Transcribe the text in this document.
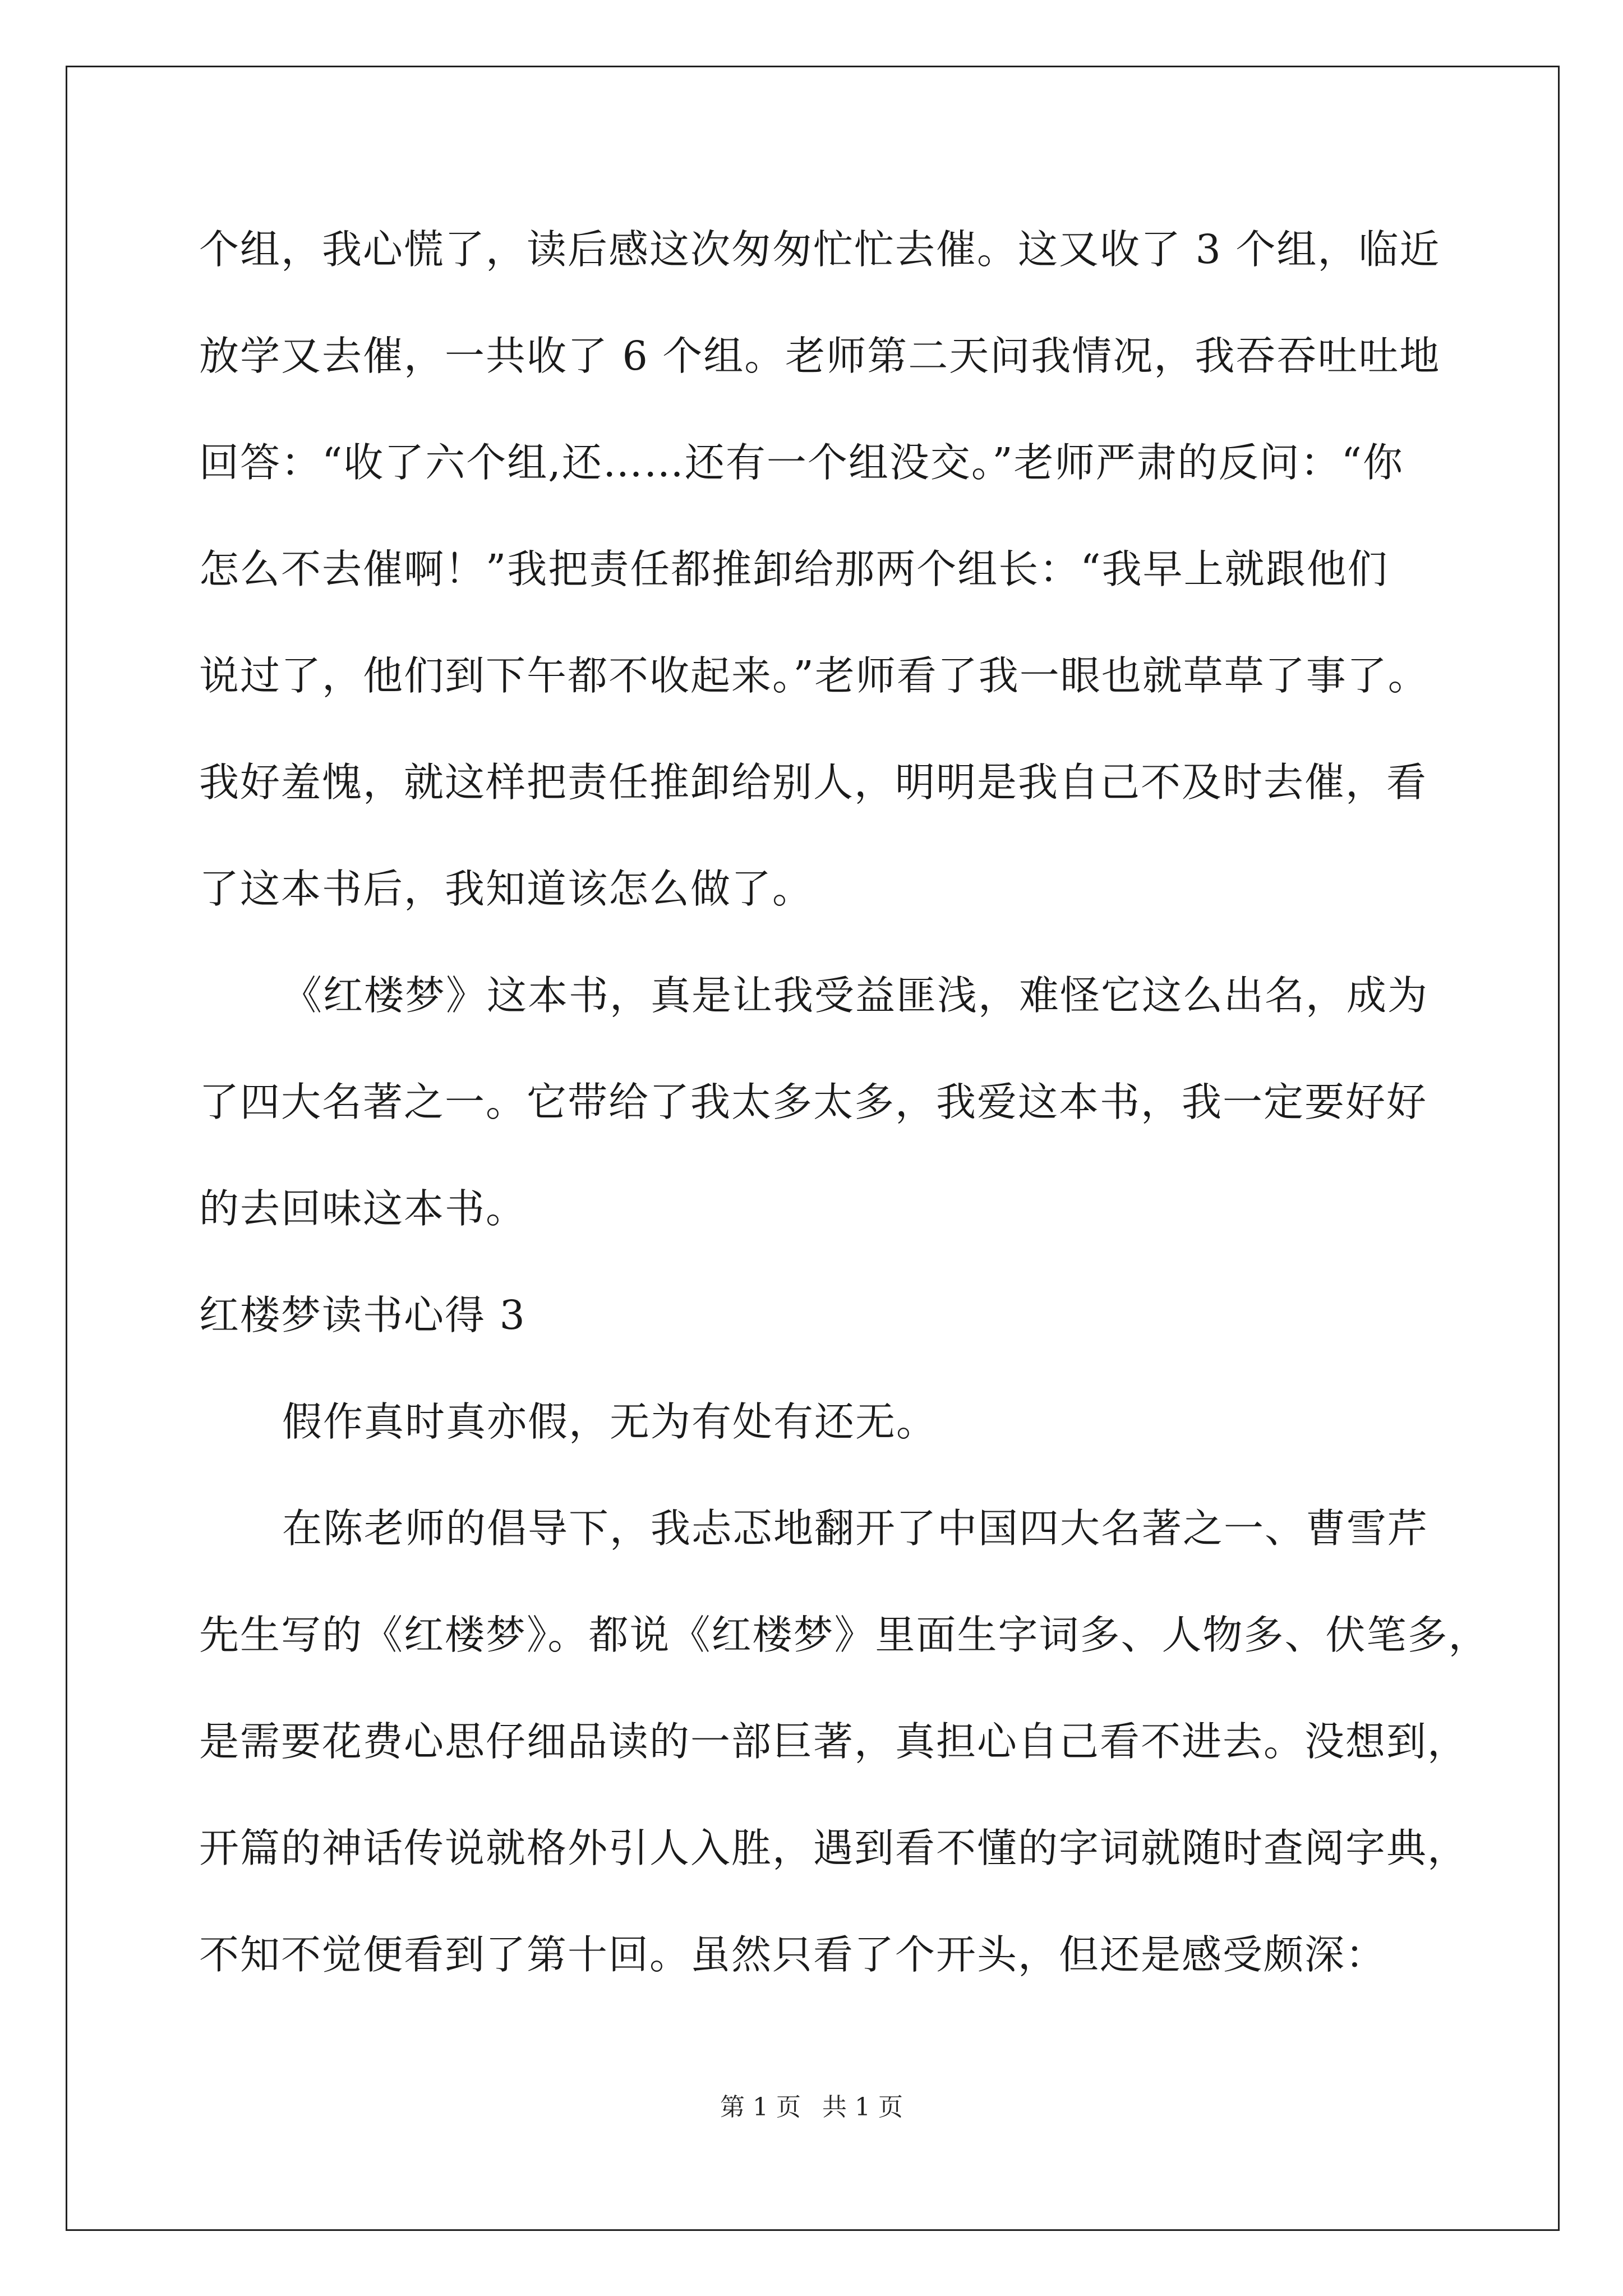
个组，我心慌了，读后感这次匆匆忙忙去催。这又收了 3 个组，临近
放学又去催，一共收了 6 个组。老师第二天问我情况，我吞吞吐吐地
回答：“收了六个组,还……还有一个组没交。”老师严肃的反问：“你
怎么不去催啊！”我把责任都推卸给那两个组长：“我早上就跟他们
说过了，他们到下午都不收起来。”老师看了我一眼也就草草了事了。
我好羞愧，就这样把责任推卸给别人，明明是我自己不及时去催，看
了这本书后，我知道该怎么做了。
《红楼梦》这本书，真是让我受益匪浅，难怪它这么出名，成为
了四大名著之一。它带给了我太多太多，我爱这本书，我一定要好好
的去回味这本书。
红楼梦读书心得 3
假作真时真亦假，无为有处有还无。
在陈老师的倡导下，我忐忑地翻开了中国四大名著之一、曹雪芹
先生写的《红楼梦》。都说《红楼梦》里面生字词多、人物多、伏笔多，
是需要花费心思仔细品读的一部巨著，真担心自己看不进去。没想到，
开篇的神话传说就格外引人入胜，遇到看不懂的字词就随时查阅字典，
不知不觉便看到了第十回。虽然只看了个开头，但还是感受颇深：
第 1 页 共 1 页
